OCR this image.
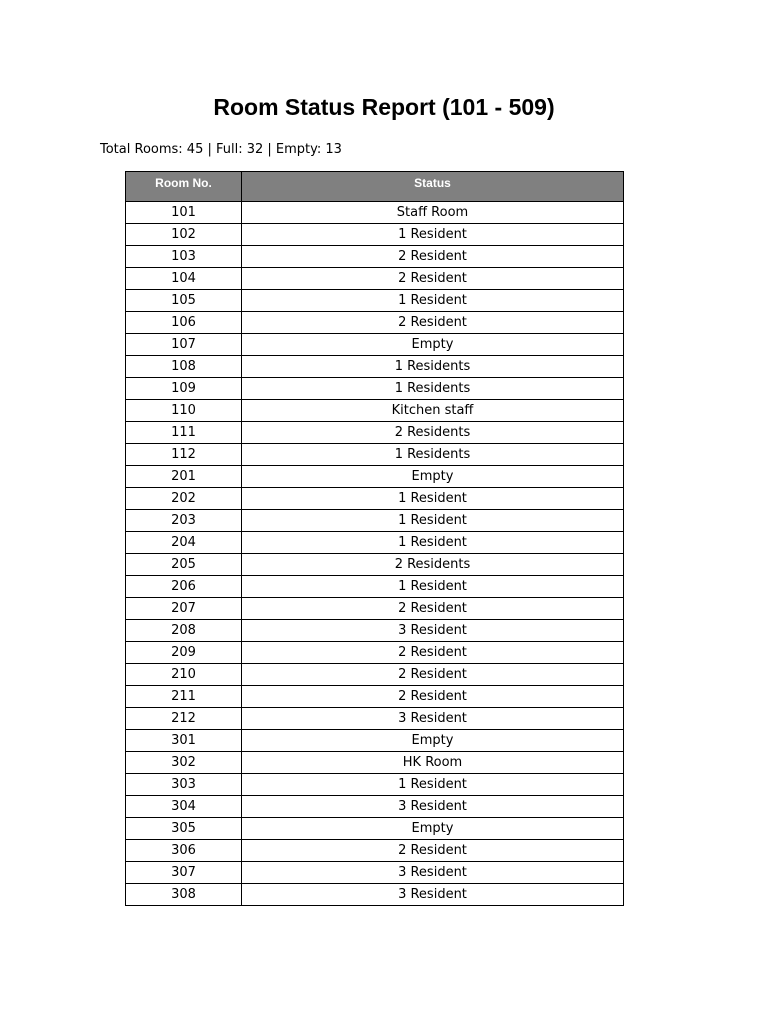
Room Status Report (101 - 509)
Total Rooms: 45 | Full: 32 | Empty: 13
Room No.	Status
101	Staff Room
102	1 Resident
103	2 Resident
104	2 Resident
105	1 Resident
106	2 Resident
107	Empty
108	1 Residents
109	1 Residents
110	Kitchen staff
111	2 Residents
112	1 Residents
201	Empty
202	1 Resident
203	1 Resident
204	1 Resident
205	2 Residents
206	1 Resident
207	2 Resident
208	3 Resident
209	2 Resident
210	2 Resident
211	2 Resident
212	3 Resident
301	Empty
302	HK Room
303	1 Resident
304	3 Resident
305	Empty
306	2 Resident
307	3 Resident
308	3 Resident
